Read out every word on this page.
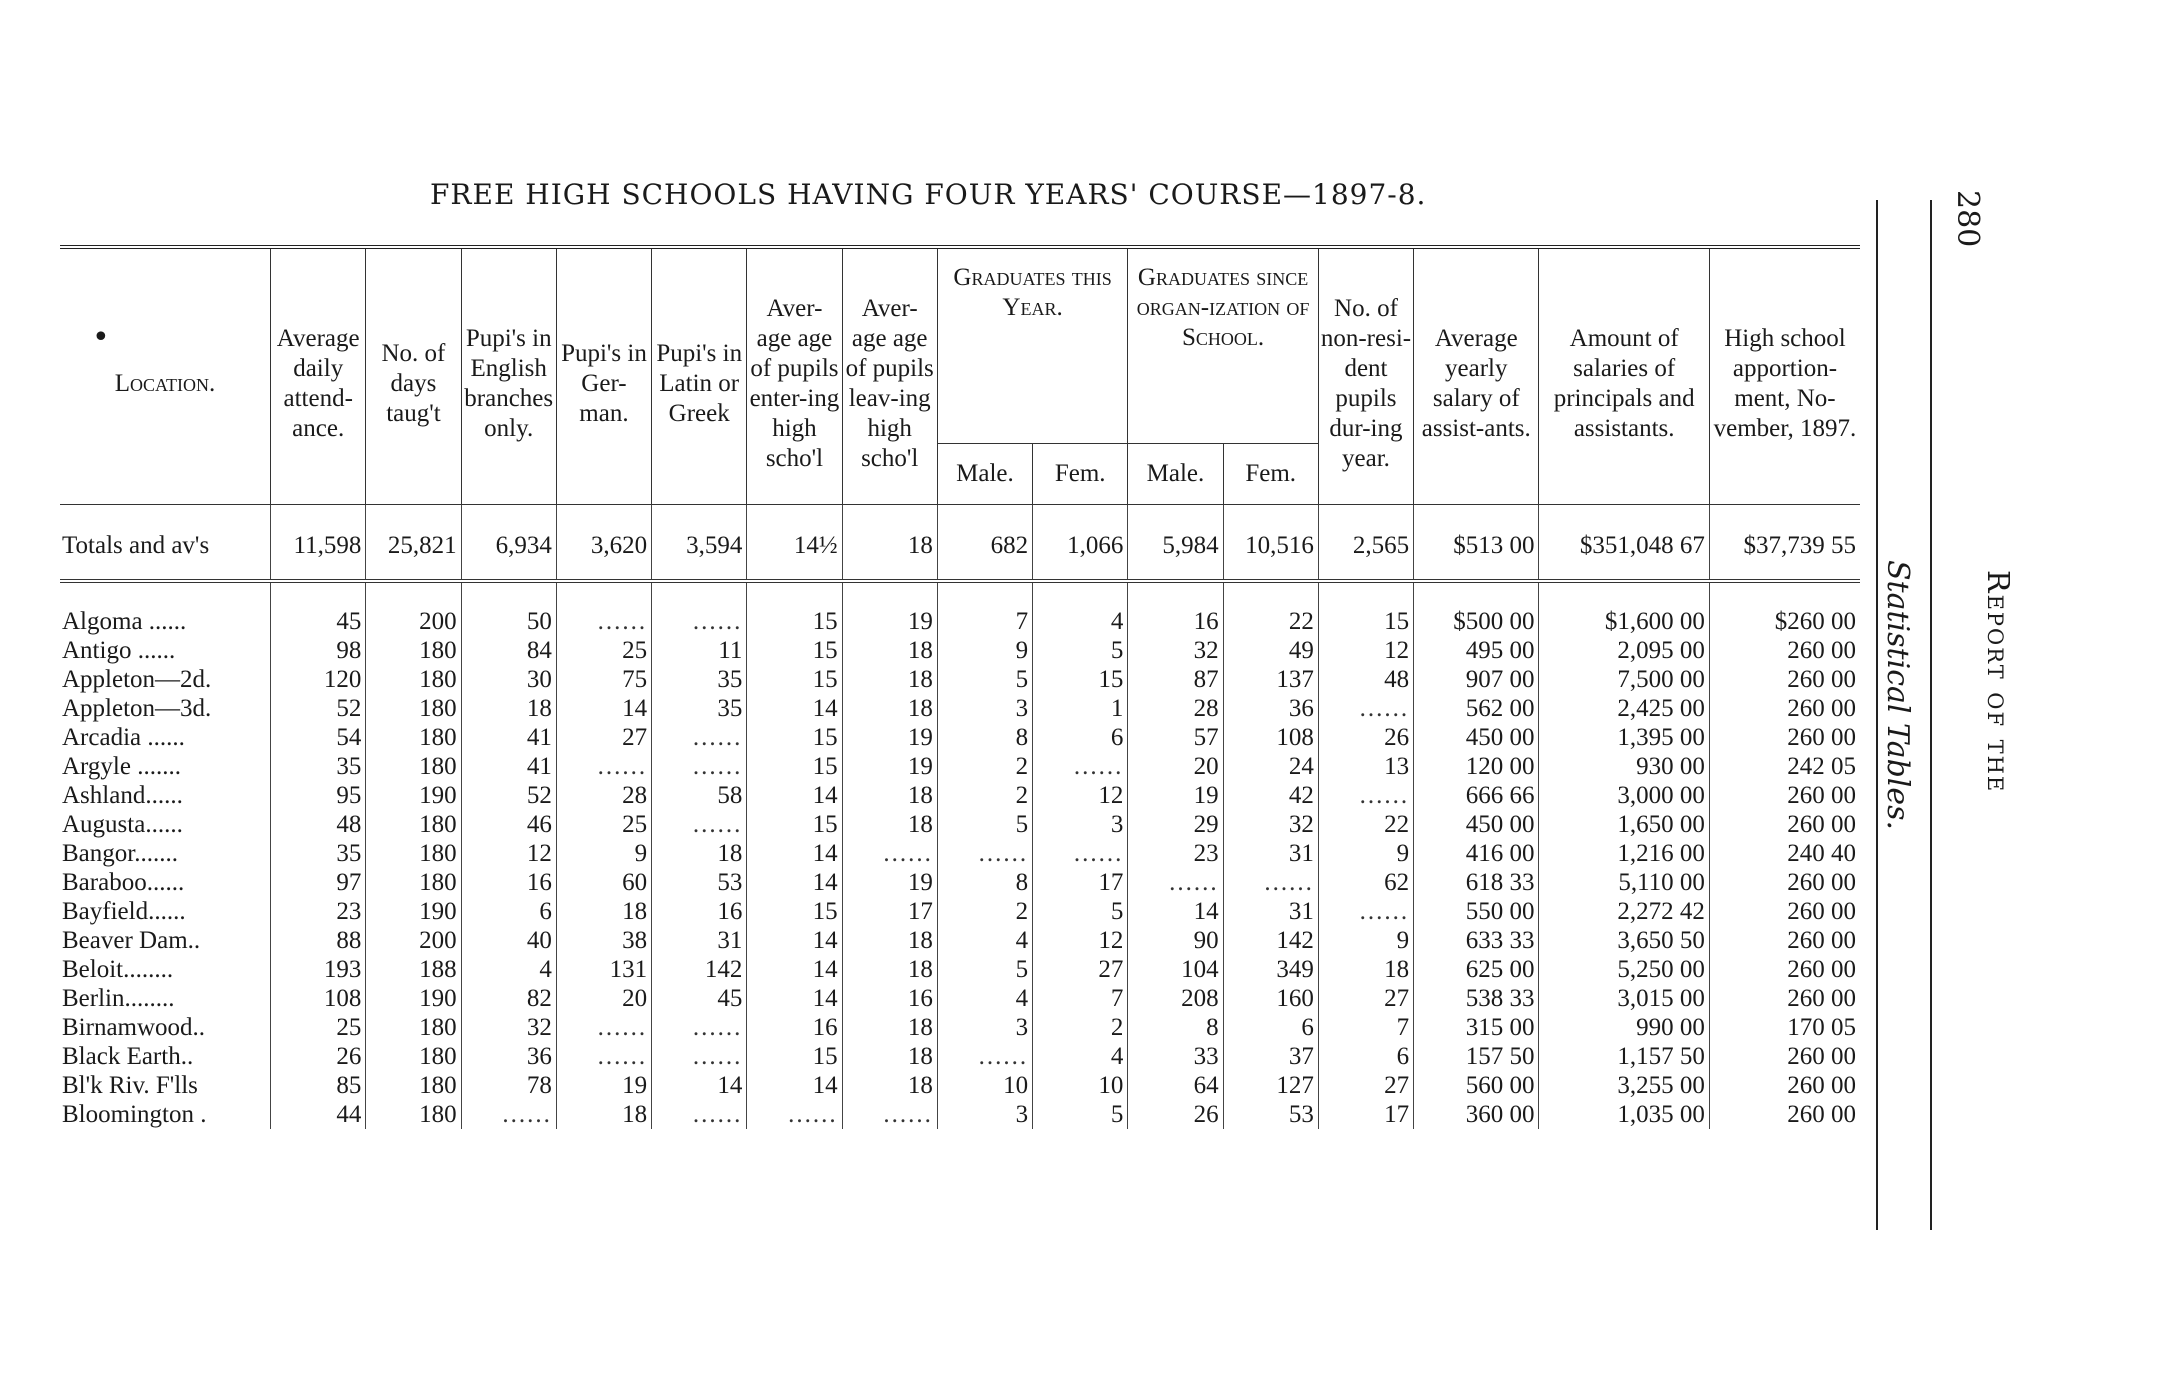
FREE HIGH SCHOOLS HAVING FOUR YEARS' COURSE—1897-8.	280
Report of the
Statistical Tables.
•
Location.	Average daily attend-ance.	No. of days taug't	Pupi's in English branches only.	Pupi's in Ger-man.	Pupi's in Latin or Greek	Aver-age age of pupils enter-ing high scho'l	Aver-age age of pupils leav-ing high scho'l	Graduates this Year.		Graduates since organ-ization of School.		No. of non-resi-dent pupils dur-ing year.	Average yearly salary of assist-ants.	Amount of salaries of principals and assistants.	High school apportion-ment, No-vember, 1897.
								Male.	Fem.	Male.	Fem.				
Totals and av's	11,598	25,821	6,934	3,620	3,594	14½	18	682	1,066	5,984	10,516	2,565	$513 00	$351,048 67	$37,739 55
Algoma ......	45	200	50	......	......	15	19	7	4	16	22	15	$500 00	$1,600 00	$260 00
Antigo ......	98	180	84	25	11	15	18	9	5	32	49	12	495 00	2,095 00	260 00
Appleton—2d.	120	180	30	75	35	15	18	5	15	87	137	48	907 00	7,500 00	260 00
Appleton—3d.	52	180	18	14	35	14	18	3	1	28	36	......	562 00	2,425 00	260 00
Arcadia ......	54	180	41	27	......	15	19	8	6	57	108	26	450 00	1,395 00	260 00
Argyle .......	35	180	41	......	......	15	19	2	......	20	24	13	120 00	930 00	242 05
Ashland......	95	190	52	28	58	14	18	2	12	19	42	......	666 66	3,000 00	260 00
Augusta......	48	180	46	25	......	15	18	5	3	29	32	22	450 00	1,650 00	260 00
Bangor.......	35	180	12	9	18	14	......	......	......	23	31	9	416 00	1,216 00	240 40
Baraboo......	97	180	16	60	53	14	19	8	17	......	......	62	618 33	5,110 00	260 00
Bayfield......	23	190	6	18	16	15	17	2	5	14	31	......	550 00	2,272 42	260 00
Beaver Dam..	88	200	40	38	31	14	18	4	12	90	142	9	633 33	3,650 50	260 00
Beloit........	193	188	4	131	142	14	18	5	27	104	349	18	625 00	5,250 00	260 00
Berlin........	108	190	82	20	45	14	16	4	7	208	160	27	538 33	3,015 00	260 00
Birnamwood..	25	180	32	......	......	16	18	3	2	8	6	7	315 00	990 00	170 05
Black Earth..	26	180	36	......	......	15	18	......	4	33	37	6	157 50	1,157 50	260 00
Bl'k Riv. F'lls	85	180	78	19	14	14	18	10	10	64	127	27	560 00	3,255 00	260 00
Bloomington .	44	180	......	18	......	......	......	3	5	26	53	17	360 00	1,035 00	260 00
